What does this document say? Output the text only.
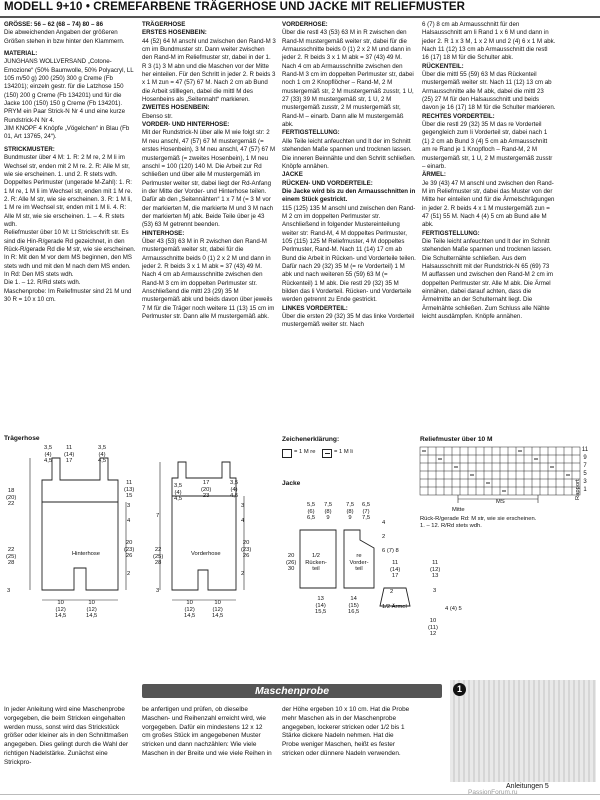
MODELL 9+10 • CREMEFARBENE TRÄGERHOSE UND JACKE MIT RELIEFMUSTER

GRÖSSE: 56 – 62 (68 – 74) 80 – 86

Die abweichenden Angaben der größeren Größen stehen in bzw hinter den Klammern.

MATERIAL:

JUNGHANS WOLLVERSAND „Cotone-Emozione“ (50% Baumwolle, 50% Polyacryl, LL 105 m/50 g) 200 (250) 300 g Creme (Fb 134201); einzeln gestr. für die Latzhose 150 (150) 200 g Creme (Fb 134201) und für die Jacke 100 (150) 150 g Creme (Fb 134201).

PRYM ein Paar Strick-N Nr 4 und eine kurze Rundstrick-N Nr 4.

JIM KNOPF 4 Knöpfe „Vögelchen“ in Blau (Fb 01, Art 13765, 24“).

STRICKMUSTER:

Bundmuster über 4 M: 1. R: 2 M re, 2 M li im Wechsel str, enden mit 2 M re. 2. R: Alle M str, wie sie erscheinen. 1. und 2. R stets wdh.

Doppeltes Perlmuster (ungerade M-Zahl): 1. R: 1 M re, 1 M li im Wechsel str, enden mit 1 M re. 2. R: Alle M str, wie sie erscheinen. 3. R: 1 M li, 1 M re im Wechsel str, enden mit 1 M li. 4. R: Alle M str, wie sie erscheinen. 1. – 4. R stets wdh.

Reliefmuster über 10 M: Lt Strickschrift str. Es sind die Hin-R/gerade Rd gezeichnet, in den Rück-R/gerade Rd die M str, wie sie erscheinen. In R: Mit den M vor dem MS beginnen, den MS stets wdh und mit den M nach dem MS enden. In Rd: Den MS stets wdh.

Die 1. – 12. R/Rd stets wdh.

Maschenprobe: Im Reliefmuster sind 21 M und 30 R = 10 x 10 cm.

TRÄGERHOSE

ERSTES HOSENBEIN:

44 (52) 64 M anschl und zwischen den Rand-M 3 cm im Bundmuster str. Dann weiter zwischen den Rand-M im Reliefmuster str, dabei in der 1. R 3 (1) 3 M abn und die Maschen vor der Mitte her einteilen. Für den Schritt in jeder 2. R beids 3 x 1 M zun = 47 (57) 67 M. Nach 2 cm ab Bund die Arbeit stilllegen, dabei die mittl M des Hosenbeins als „Seitennaht“ markieren.

ZWEITES HOSENBEIN:

Ebenso str.

VORDER- UND HINTERHOSE:

Mit der Rundstrick-N über alle M wie folgt str: 2 M neu anschl, 47 (57) 67 M mustergemäß (= erstes Hosenbein), 3 M neu anschl, 47 (57) 67 M mustergemäß (= zweites Hosenbein), 1 M neu anschl = 100 (120) 140 M. Die Arbeit zur Rd schließen und über alle M mustergemäß im Perlmuster weiter str, dabei liegt der Rd-Anfang in der Mitte der Vorder- und Hinterhose teilen. Dafür ab den „Seitennähten“ 1 x 7 M (= 3 M vor der markierten M, die markierte M und 3 M nach der markierten M) abk. Beide Teile über je 43 (53) 63 M getrennt beenden.

HINTERHOSE:

Über 43 (53) 63 M in R zwischen den Rand-M mustergemäß weiter str, dabei für die Armausschnitte beids 0 (1) 2 x 2 M und dann in jeder 2. R beids 3 x 1 M abk = 37 (43) 49 M. Nach 4 cm ab Armausschnitte zwischen den Rand-M 3 cm im doppelten Perlmuster str. Anschließend die mittl 23 (29) 35 M mustergemäß abk und beids davon über jeweils 7 M für die Träger noch weitere 11 (13) 15 cm im Perlmuster str. Dann alle M mustergemäß abk.

VORDERHOSE:

Über die restl 43 (53) 63 M in R zwischen den Rand-M mustergemäß weiter str, dabei für die Armausschnitte beids 0 (1) 2 x 2 M und dann in jeder 2. R beids 3 x 1 M abk = 37 (43) 49 M. Nach 4 cm ab Armausschnitte zwischen den Rand-M 3 cm im doppelten Perlmuster str, dabei noch 1 cm 2 Knopflöcher – Rand-M, 2 M mustergemäß str, 2 M mustergemäß zusstr, 1 U, 27 (33) 39 M mustergemäß str, 1 U, 2 M mustergemäß zusstr, 2 M mustergemäß str, Rand-M – einarb. Dann alle M mustergemäß abk.

FERTIGSTELLUNG:

Alle Teile leicht anfeuchten und lt der im Schnitt stehenden Maße spannen und trocknen lassen. Die inneren Beinnähte und den Schritt schließen. Knöpfe annähen.

JACKE

RÜCKEN- UND VORDERTEILE:

Die Jacke wird bis zu den Armausschnitten in einem Stück gestrickt.

115 (125) 135 M anschl und zwischen den Rand-M 2 cm im doppelten Perlmuster str. Anschließend in folgender Mustereinteilung weiter str: Rand-M, 4 M doppeltes Perlmuster, 105 (115) 125 M Reliefmuster, 4 M doppeltes Perlmuster, Rand-M. Nach 11 (14) 17 cm ab Bund die Arbeit in Rücken- und Vorderteile teilen. Dafür nach 29 (32) 35 M (= re Vorderteil) 1 M abk und nach weiteren 55 (59) 63 M (= Rückenteil) 1 M abk. Die restl 29 (32) 35 M bilden das li Vorderteil. Rücken- und Vorderteile werden getrennt zu Ende gestrickt.

LINKES VORDERTEIL:

Über die ersten 29 (32) 35 M das linke Vorderteil mustergemäß weiter str. Nach

6 (7) 8 cm ab Armausschnitt für den Halsausschnitt am li Rand 1 x 6 M und dann in jeder 2. R 1 x 3 M, 1 x 2 M und 2 (4) 6 x 1 M abk. Nach 11 (12) 13 cm ab Armausschnitt die restl 16 (17) 18 M für die Schulter abk.

RÜCKENTEIL:

Über die mittl 55 (59) 63 M das Rückenteil mustergemäß weiter str. Nach 11 (12) 13 cm ab Armausschnitte alle M abk, dabei die mittl 23 (25) 27 M für den Halsausschnitt und beids davon je 16 (17) 18 M für die Schulter markieren.

RECHTES VORDERTEIL:

Über die restl 29 (32) 35 M das re Vorderteil gegengleich zum li Vorderteil str, dabei nach 1 (1) 2 cm ab Bund 3 (4) 5 cm ab Armausschnitt am re Rand je 1 Knopfloch – Rand-M, 2 M mustergemäß str, 1 U, 2 M mustergemäß zusstr – einarb.

ÄRMEL:

Je 39 (43) 47 M anschl und zwischen den Rand-M im Reliefmuster str, dabei das Muster von der Mitte her einteilen und für die Ärmelschrägungen in jeder 2. R beids 4 x 1 M mustergemäß zun = 47 (51) 55 M. Nach 4 (4) 5 cm ab Bund alle M abk.

FERTIGSTELLUNG:

Die Teile leicht anfeuchten und lt der im Schnitt stehenden Maße spannen und trocknen lassen. Die Schulternähte schließen. Aus dem Halsausschnitt mit der Rundstrick-N 65 (69) 73 M auffassen und zwischen den Rand-M 2 cm im doppelten Perlmuster str. Alle M abk. Die Ärmel einnähen, dabei darauf achten, dass die Ärmelmitte an der Schulternaht liegt. Die Ärmelnähte schließen. Zum Schluss alle Nähte leicht ausdämpfen. Knöpfe annähen.

Trägerhose
Hinterhose	Vorderhose
3,5
(4)
4,5
11
(14)
17
3,5
(4)
4,5
18
(20)
22
11
(13)
15
3
4
22
(25)
28
20
(23)
26
2
3
10
(12)
14,5
10
(12)
14,5
3,5
(4)
4,5
17
(20)
23
3,5
(4)
4,5
7
3
4
22
(25)
28
20
(23)
26
2
3
10
(12)
14,5
10
(12)
14,5
Zeichenerklärung:
= 1 M re	= 1 M li
Jacke
1/2 Rücken-teil
re Vorder-teil
1/2 Ärmel
5,5
(6)
6,5
7,5
(8)
9
7,5
(8)
9
6,5
(7)
7,5
4
2
6 (7) 8
20
(26)
30
11
(14)
17
2
13
(14)
15,5
14
(15)
16,5
11
(12)
13
3
4 (4) 5
10
(11)
12
Reliefmuster über 10 M
11
9
7
5
3
1
Rapport
MS
Mitte

Rück-R/gerade Rd: M str, wie sie erscheinen.

1. – 12. R/Rd stets wdh.

Maschenprobe
In jeder Anleitung wird eine Maschenprobe vorgegeben, die beim Stricken eingehalten werden muss, sonst wird das Strickstück größer oder kleiner als in den Schnittmaßen angegeben. Dies gelingt durch die Wahl der richtigen Nadelstärke. Zunächst eine Strickpro-
be anfertigen und prüfen, ob dieselbe Maschen- und Reihenzahl erreicht wird, wie vorgegeben. Dafür ein mindestens 12 x 12 cm großes Stück im angegebenen Muster stricken und dann nachzählen: Wie viele Maschen in der Breite und wie viele Reihen in
der Höhe ergeben 10 x 10 cm. Hat die Probe mehr Maschen als in der Maschenprobe angegeben, lockerer stricken oder 1/2 bis 1 Stärke dickere Nadeln nehmen. Hat die Probe weniger Maschen, heißt es fester stricken oder dünnere Nadeln verwenden.
1
Anleitungen 5
PassionForum.ru
